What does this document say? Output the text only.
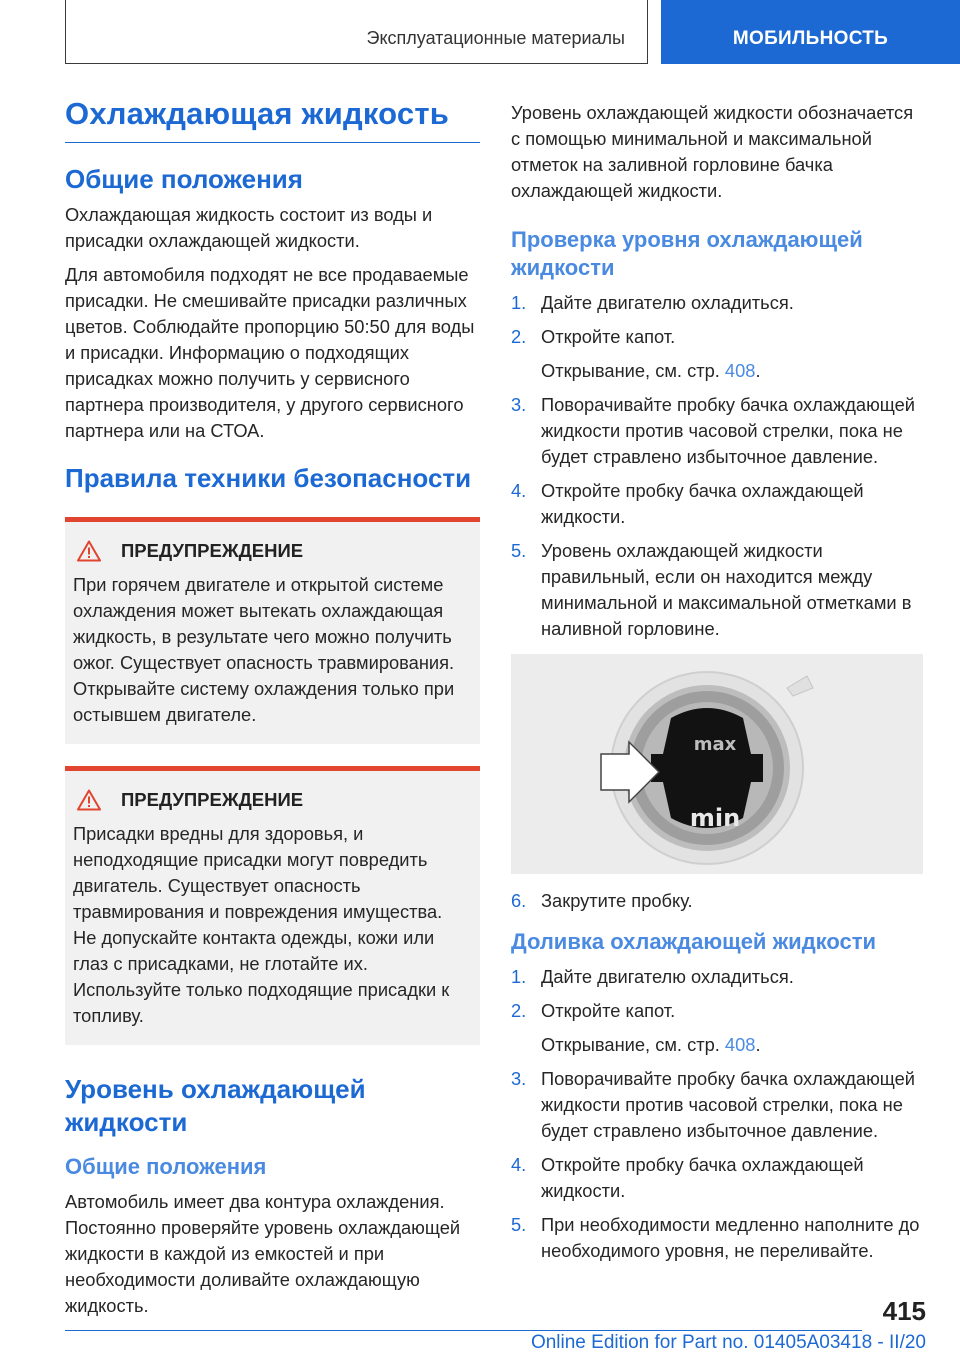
Эксплуатационные материалы	МОБИЛЬНОСТЬ
Охлаждающая жидкость
Общие положения

Охлаждающая жидкость состоит из воды и присадки охлаждающей жидкости.

Для автомобиля подходят не все продаваемые присадки. Не смешивайте присадки различных цветов. Соблюдайте пропорцию 50:50 для воды и присадки. Информацию о подходящих присадках можно получить у сервисного партнера производителя, у другого сервисного партнера или на СТОА.

Правила техники безопасности
ПРЕДУПРЕЖДЕНИЕ

При горячем двигателе и открытой системе охлаждения может вытекать охлаждающая жидкость, в результате чего можно получить ожог. Существует опасность травмирования. Открывайте систему охлаждения только при остывшем двигателе.

ПРЕДУПРЕЖДЕНИЕ

Присадки вредны для здоровья, и неподходящие присадки могут повредить двигатель. Существует опасность травмирования и повреждения имущества. Не допускайте контакта одежды, кожи или глаз с присадками, не глотайте их. Используйте только подходящие присадки к топливу.

Уровень охлаждающей жидкости
Общие положения

Автомобиль имеет два контура охлаждения. Постоянно проверяйте уровень охлаждающей жидкости в каждой из емкостей и при необходимости доливайте охлаждающую жидкость.

Уровень охлаждающей жидкости обозначается с помощью минимальной и максимальной отметок на заливной горловине бачка охлаждающей жидкости.

Проверка уровня охлаждающей жидкости
1. Дайте двигателю охладиться.
2. Откройте капот.
Открывание, см. стр. 408.
3. Поворачивайте пробку бачка охлаждающей жидкости против часовой стрелки, пока не будет стравлено избыточное давление.
4. Откройте пробку бачка охлаждающей жидкости.
5. Уровень охлаждающей жидкости правильный, если он находится между минимальной и максимальной отметками в наливной горловине.
max
min
6. Закрутите пробку.
Доливка охлаждающей жидкости
1. Дайте двигателю охладиться.
2. Откройте капот.
Открывание, см. стр. 408.
3. Поворачивайте пробку бачка охлаждающей жидкости против часовой стрелки, пока не будет стравлено избыточное давление.
4. Откройте пробку бачка охлаждающей жидкости.
5. При необходимости медленно наполните до необходимого уровня, не переливайте.
415
Online Edition for Part no. 01405A03418 - II/20
